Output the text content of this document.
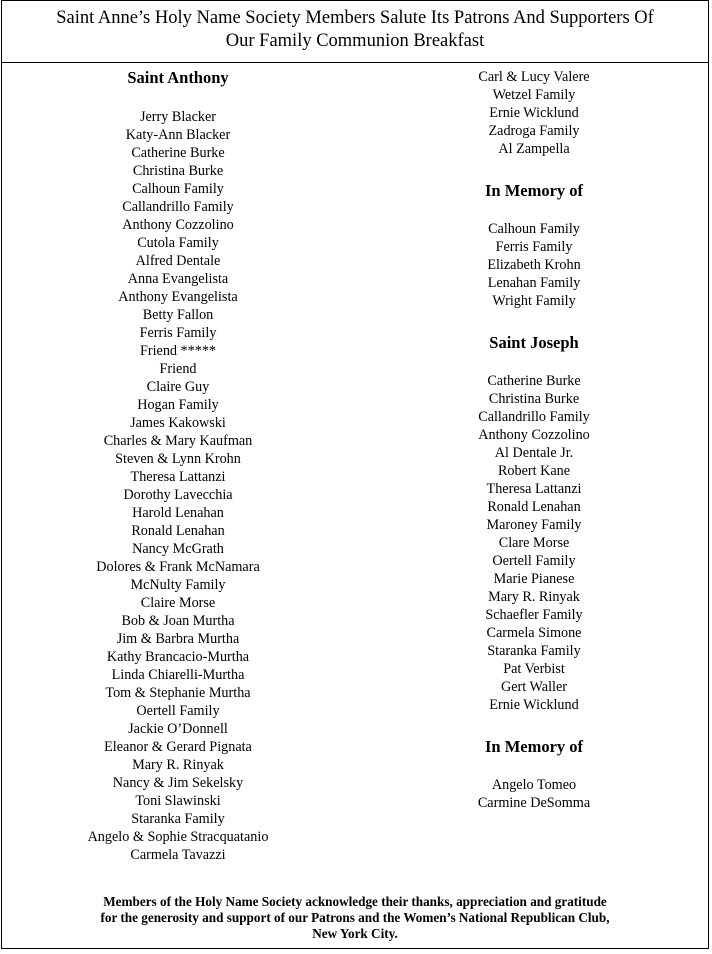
Saint Anne’s Holy Name Society Members Salute Its Patrons And Supporters Of
Our Family Communion Breakfast
Saint Anthony
Jerry Blacker
Katy-Ann Blacker
Catherine Burke
Christina Burke
Calhoun Family
Callandrillo Family
Anthony Cozzolino
Cutola Family
Alfred Dentale
Anna Evangelista
Anthony Evangelista
Betty Fallon
Ferris Family
Friend *****
Friend
Claire Guy
Hogan Family
James Kakowski
Charles & Mary Kaufman
Steven & Lynn Krohn
Theresa Lattanzi
Dorothy Lavecchia
Harold Lenahan
Ronald Lenahan
Nancy McGrath
Dolores & Frank McNamara
McNulty Family
Claire Morse
Bob & Joan Murtha
Jim & Barbra Murtha
Kathy Brancacio-Murtha
Linda Chiarelli-Murtha
Tom & Stephanie Murtha
Oertell Family
Jackie O’Donnell
Eleanor & Gerard Pignata
Mary R. Rinyak
Nancy & Jim Sekelsky
Toni Slawinski
Staranka Family
Angelo & Sophie Stracquatanio
Carmela Tavazzi
Carl & Lucy Valere
Wetzel Family
Ernie Wicklund
Zadroga Family
Al Zampella
In Memory of
Calhoun Family
Ferris Family
Elizabeth Krohn
Lenahan Family
Wright Family
Saint Joseph
Catherine Burke
Christina Burke
Callandrillo Family
Anthony Cozzolino
Al Dentale Jr.
Robert Kane
Theresa Lattanzi
Ronald Lenahan
Maroney Family
Clare Morse
Oertell Family
Marie Pianese
Mary R. Rinyak
Schaefler Family
Carmela Simone
Staranka Family
Pat Verbist
Gert Waller
Ernie Wicklund
In Memory of
Angelo Tomeo
Carmine DeSomma
Members of the Holy Name Society acknowledge their thanks, appreciation and gratitude
for the generosity and support of our Patrons and the Women’s National Republican Club,
New York City.
